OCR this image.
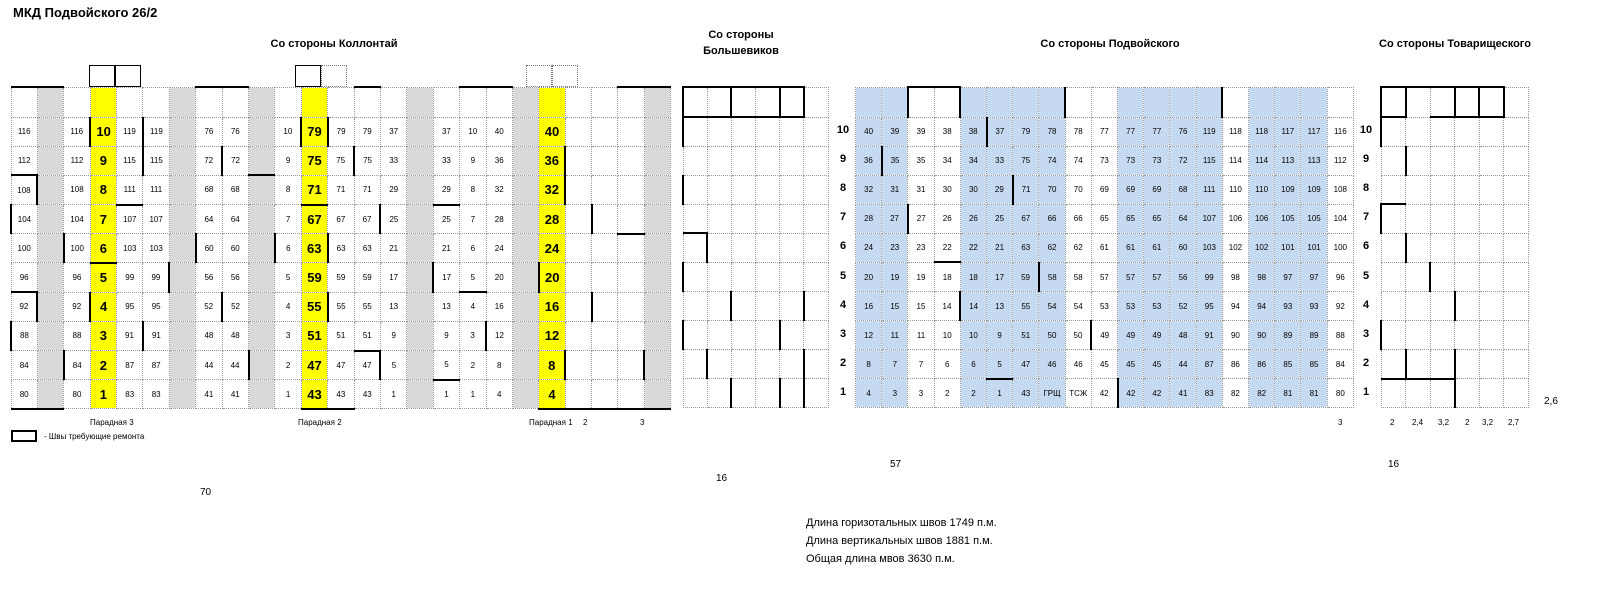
МКД Подвойского 26/2
Со стороны Коллонтай
Со стороны
Большевиков
Со стороны Подвойского	Со стороны Товарищеского

116		116	10	119	119		76	76		10	79	79	79	37		37	10	40		40				
112		112	9	115	115		72	72		9	75	75	75	33		33	9	36		36				
108		108	8	111	111		68	68		8	71	71	71	29		29	8	32		32				
104		104	7	107	107		64	64		7	67	67	67	25		25	7	28		28				
100		100	6	103	103		60	60		6	63	63	63	21		21	6	24		24				
96		96	5	99	99		56	56		5	59	59	59	17		17	5	20		20				
92		92	4	95	95		52	52		4	55	55	55	13		13	4	16		16				
88		88	3	91	91		48	48		3	51	51	51	9		9	3	12		12				
84		84	2	87	87		44	44		2	47	47	47	5		5	2	8		8				
80		80	1	83	83		41	41		1	43	43	43	1		1	1	4		4				
Парадная 3	Парадная 2	Парадная 1 2	3

10
9
8
7
6
5
4
3
2
1

40	39	39	38	38	37	79	78	78	77	77	77	76	119	118	118	117	117	116
36	35	35	34	34	33	75	74	74	73	73	73	72	115	114	114	113	113	112
32	31	31	30	30	29	71	70	70	69	69	69	68	111	110	110	109	109	108
28	27	27	26	26	25	67	66	66	65	65	65	64	107	106	106	105	105	104
24	23	23	22	22	21	63	62	62	61	61	61	60	103	102	102	101	101	100
20	19	19	18	18	17	59	58	58	57	57	57	56	99	98	98	97	97	96
16	15	15	14	14	13	55	54	54	53	53	53	52	95	94	94	93	93	92
12	11	11	10	10	9	51	50	50	49	49	49	48	91	90	90	89	89	88
8	7	7	6	6	5	47	46	46	45	45	45	44	87	86	86	85	85	84
4	3	3	2	2	1	43	ГРЩ	ТСЖ	42	42	42	41	83	82	82	81	81	80
3
10
9
8
7
6
5
4
3
2
1

2 2,4 3,2 2 3,2 2,7
2,6
- Швы требующие ремонта
70
16
57	16
Длина горизотальных швов 1749 п.м.
Длина вертикальных швов 1881 п.м.
Общая длина мвов 3630 п.м.
